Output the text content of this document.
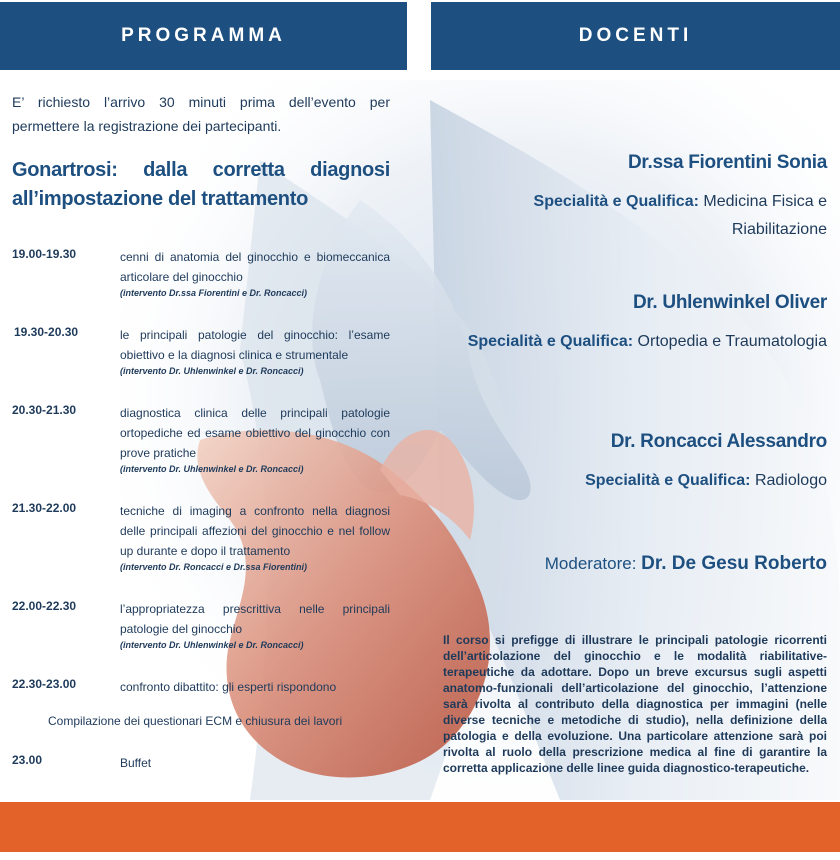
PROGRAMMA	DOCENTI
E’ richiesto l’arrivo 30 minuti prima dell’evento per permettere la registrazione dei partecipanti.
Gonartrosi: dalla corretta diagnosi all’impostazione del trattamento
19.00-19.30	cenni di anatomia del ginocchio e biomeccanica articolare del ginocchio
(intervento Dr.ssa Fiorentini e Dr. Roncacci)
19.30-20.30	le principali patologie del ginocchio: l’esame obiettivo e la diagnosi clinica e strumentale
(intervento Dr. Uhlenwinkel e Dr. Roncacci)
20.30-21.30	diagnostica clinica delle principali patologie ortopediche ed esame obiettivo del ginocchio con prove pratiche
(intervento Dr. Uhlenwinkel e Dr. Roncacci)
21.30-22.00	tecniche di imaging a confronto nella diagnosi delle principali affezioni del ginocchio e nel follow up durante e dopo il trattamento
(intervento Dr. Roncacci e Dr.ssa Fiorentini)
22.00-22.30	l’appropriatezza prescrittiva nelle principali patologie del ginocchio
(intervento Dr. Uhlenwinkel e Dr. Roncacci)
22.30-23.00	confronto dibattito: gli esperti rispondono
Compilazione dei questionari ECM e chiusura dei lavori
23.00	Buffet
Dr.ssa Fiorentini Sonia
Specialità e Qualifica: Medicina Fisica e Riabilitazione
Dr. Uhlenwinkel Oliver
Specialità e Qualifica: Ortopedia e Traumatologia
Dr. Roncacci Alessandro
Specialità e Qualifica: Radiologo
Moderatore: Dr. De Gesu Roberto
Il corso si prefigge di illustrare le principali patologie ricorrenti dell’articolazione del ginocchio e le modalità riabilitative-terapeutiche da adottare. Dopo un breve excursus sugli aspetti anatomo-funzionali dell’articolazione del ginocchio, l’attenzione sarà rivolta al contributo della diagnostica per immagini (nelle diverse tecniche e metodiche di studio), nella definizione della patologia e della evoluzione. Una particolare attenzione sarà poi rivolta al ruolo della prescrizione medica al fine di garantire la corretta applicazione delle linee guida diagnostico-terapeutiche.
